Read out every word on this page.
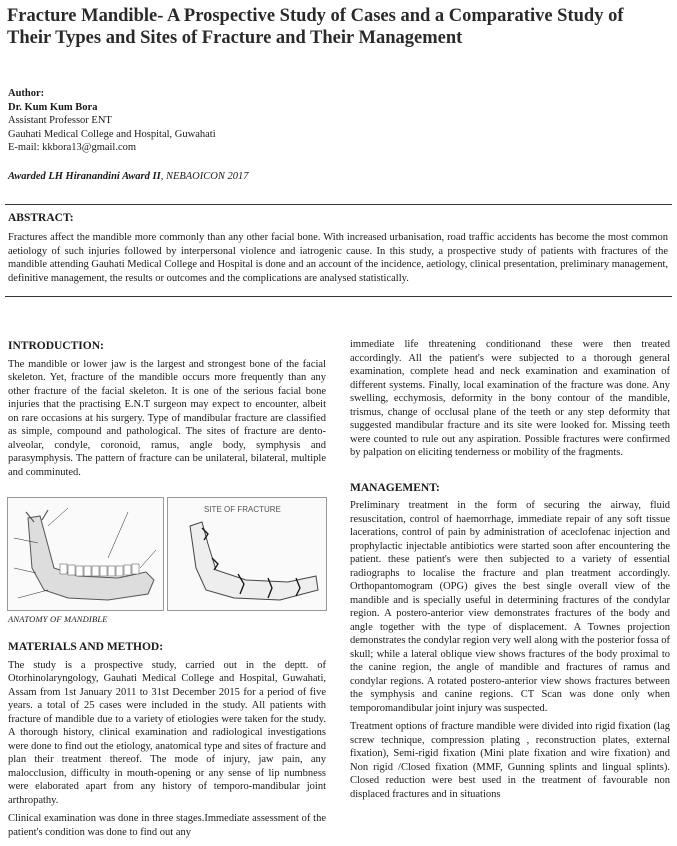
Fracture Mandible- A Prospective Study of Cases and a Comparative Study of Their Types and Sites of Fracture and Their Management
Author:
Dr. Kum Kum Bora
Assistant Professor ENT
Gauhati Medical College and Hospital, Guwahati
E-mail: kkbora13@gmail.com
Awarded LH Hiranandini Award II, NEBAOICON 2017
ABSTRACT:

Fractures affect the mandible more commonly than any other facial bone. With increased urbanisation, road traffic accidents has become the most common aetiology of such injuries followed by interpersonal violence and iatrogenic cause. In this study, a prospective study of patients with fractures of the mandible attending Gauhati Medical College and Hospital is done and an account of the incidence, aetiology, clinical presentation, preliminary management, definitive management, the results or outcomes and the complications are analysed statistically.

INTRODUCTION:

The mandible or lower jaw is the largest and strongest bone of the facial skeleton. Yet, fracture of the mandible occurs more frequently than any other fracture of the facial skeleton. It is one of the serious facial bone injuries that the practising E.N.T surgeon may expect to encounter, albeit on rare occasions at his surgery. Type of mandibular fracture are classified as simple, compound and pathological. The sites of fracture are dento-alveolar, condyle, coronoid, ramus, angle body, symphysis and parasymphysis. The pattern of fracture can be unilateral, bilateral, multiple and comminuted.

SITE OF FRACTURE
ANATOMY OF MANDIBLE
MATERIALS AND METHOD:

The study is a prospective study, carried out in the deptt. of Otorhinolaryngology, Gauhati Medical College and Hospital, Guwahati, Assam from 1st January 2011 to 31st December 2015 for a period of five years. a total of 25 cases were included in the study. All patients with fracture of mandible due to a variety of etiologies were taken for the study. A thorough history, clinical examination and radiological investigations were done to find out the etiology, anatomical type and sites of fracture and plan their treatment thereof. The mode of injury, jaw pain, any malocclusion, difficulty in mouth-opening or any sense of lip numbness were elaborated apart from any history of temporo-mandibular joint arthropathy.

Clinical examination was done in three stages.Immediate assessment of the patient's condition was done to find out any

immediate life threatening conditionand these were then treated accordingly. All the patient's were subjected to a thorough general examination, complete head and neck examination and examination of different systems. Finally, local examination of the fracture was done. Any swelling, ecchymosis, deformity in the bony contour of the mandible, trismus, change of occlusal plane of the teeth or any step deformity that suggested mandibular fracture and its site were looked for. Missing teeth were counted to rule out any aspiration. Possible fractures were confirmed by palpation on eliciting tenderness or mobility of the fragments.

MANAGEMENT:

Preliminary treatment in the form of securing the airway, fluid resuscitation, control of haemorrhage, immediate repair of any soft tissue lacerations, control of pain by administration of aceclofenac injection and prophylactic injectable antibiotics were started soon after encountering the patient. these patient's were then subjected to a variety of essential radiographs to localise the fracture and plan treatment accordingly. Orthopantomogram (OPG) gives the best single overall view of the mandible and is specially useful in determining fractures of the condylar region. A postero-anterior view demonstrates fractures of the body and angle together with the type of displacement. A Townes projection demonstrates the condylar region very well along with the posterior fossa of skull; while a lateral oblique view shows fractures of the body proximal to the canine region, the angle of mandible and fractures of ramus and condylar regions. A rotated postero-anterior view shows fractures between the symphysis and canine regions. CT Scan was done only when temporomandibular joint injury was suspected.

Treatment options of fracture mandible were divided into rigid fixation (lag screw technique, compression plating , reconstruction plates, external fixation), Semi-rigid fixation (Mini plate fixation and wire fixation) and Non rigid /Closed fixation (MMF, Gunning splints and lingual splints). Closed reduction were best used in the treatment of favourable non displaced fractures and in situations
